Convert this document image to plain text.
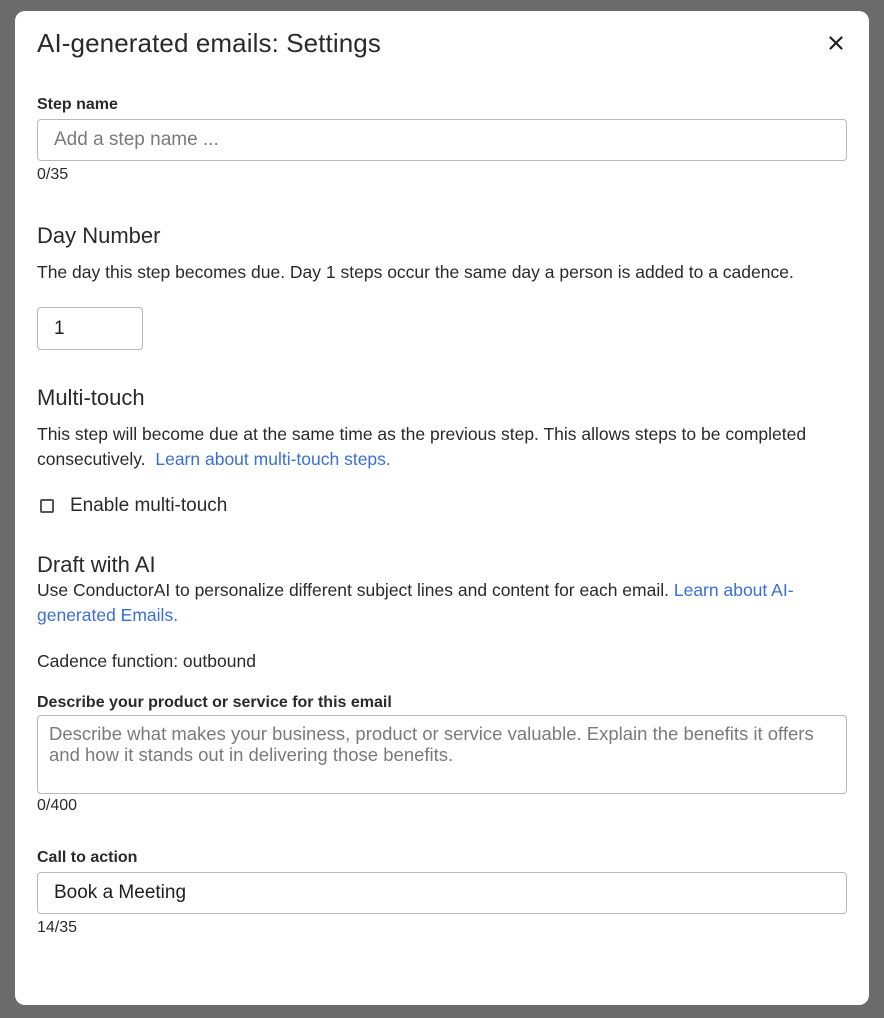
AI-generated emails: Settings
Step name
Add a step name ...
0/35
Day Number
The day this step becomes due. Day 1 steps occur the same day a person is added to a cadence.
1
Multi-touch
This step will become due at the same time as the previous step. This allows steps to be completed consecutively. Learn about multi-touch steps.
Enable multi-touch
Draft with AI
Use ConductorAI to personalize different subject lines and content for each email. Learn about AI-generated Emails.
Cadence function: outbound
Describe your product or service for this email
Describe what makes your business, product or service valuable. Explain the benefits it offers and how it stands out in delivering those benefits.
0/400
Call to action
Book a Meeting
14/35
